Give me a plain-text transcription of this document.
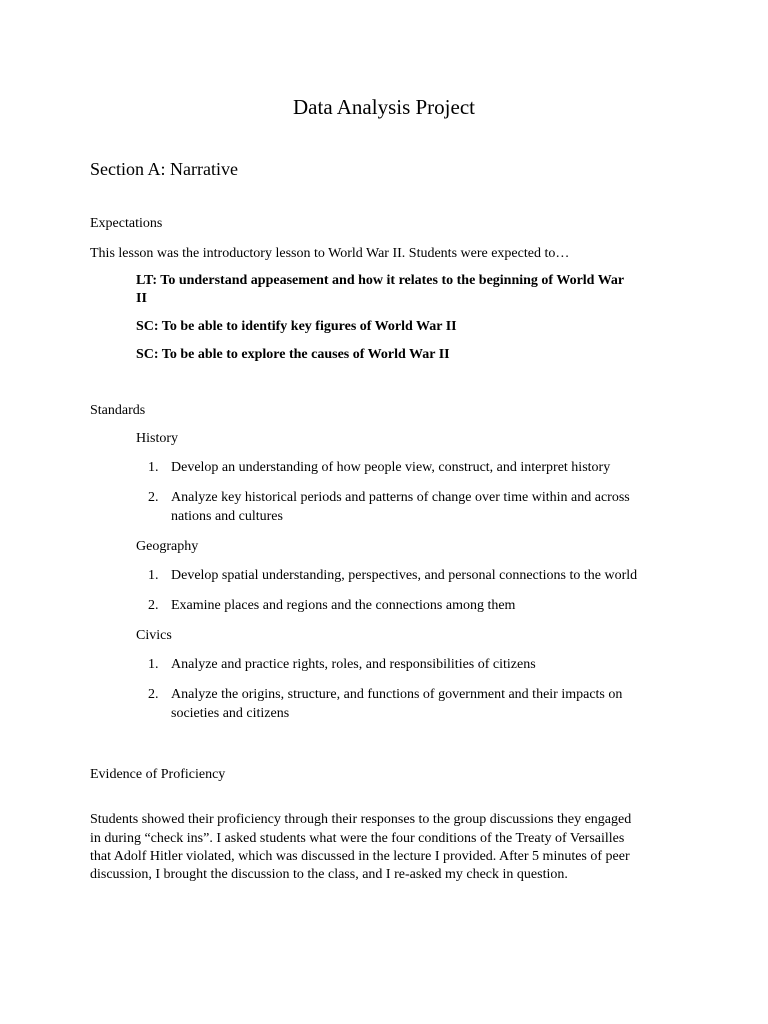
Data Analysis Project
Section A: Narrative
Expectations
This lesson was the introductory lesson to World War II. Students were expected to…
LT: To understand appeasement and how it relates to the beginning of World War
II
SC: To be able to identify key figures of World War II
SC: To be able to explore the causes of World War II
Standards
History
1. Develop an understanding of how people view, construct, and interpret history
2. Analyze key historical periods and patterns of change over time within and across
nations and cultures
Geography
1. Develop spatial understanding, perspectives, and personal connections to the world
2. Examine places and regions and the connections among them
Civics
1. Analyze and practice rights, roles, and responsibilities of citizens
2. Analyze the origins, structure, and functions of government and their impacts on
societies and citizens
Evidence of Proficiency
Students showed their proficiency through their responses to the group discussions they engaged
in during “check ins”. I asked students what were the four conditions of the Treaty of Versailles
that Adolf Hitler violated, which was discussed in the lecture I provided. After 5 minutes of peer
discussion, I brought the discussion to the class, and I re-asked my check in question.
